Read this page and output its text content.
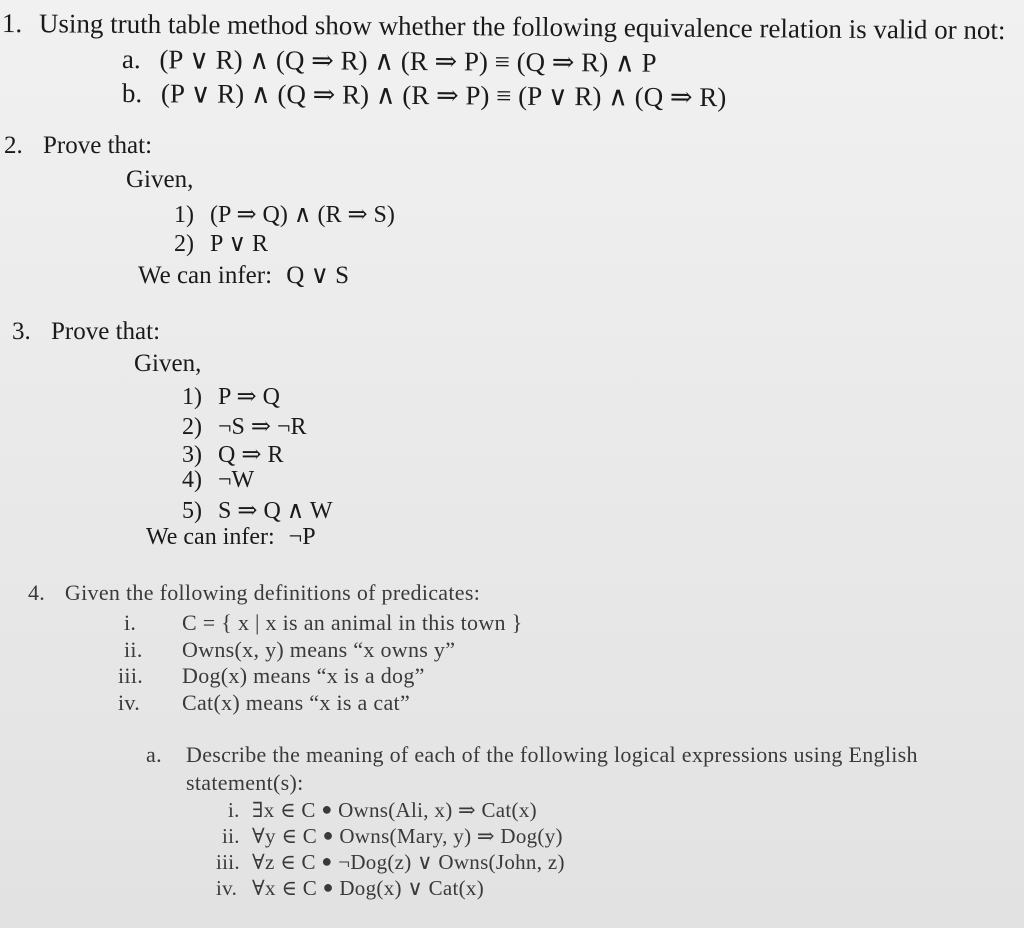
1. Using truth table method show whether the following equivalence relation is valid or not:
a. (P ∨ R) ∧ (Q ⇒ R) ∧ (R ⇒ P) ≡ (Q ⇒ R) ∧ P
b. (P ∨ R) ∧ (Q ⇒ R) ∧ (R ⇒ P) ≡ (P ∨ R) ∧ (Q ⇒ R)
2. Prove that:
Given,
1) (P ⇒ Q) ∧ (R ⇒ S)
2) P ∨ R
We can infer: Q ∨ S
3. Prove that:
Given,
1) P ⇒ Q
2) ¬S ⇒ ¬R
3) Q ⇒ R
4) ¬W
5) S ⇒ Q ∧ W
We can infer: ¬P
4. Given the following definitions of predicates:
i. C = { x | x is an animal in this town }
ii. Owns(x, y) means “x owns y”
iii. Dog(x) means “x is a dog”
iv. Cat(x) means “x is a cat”
a. Describe the meaning of each of the following logical expressions using English
statement(s):
i. ∃x ∈ C ● Owns(Ali, x) ⇒ Cat(x)
ii. ∀y ∈ C ● Owns(Mary, y) ⇒ Dog(y)
iii. ∀z ∈ C ● ¬Dog(z) ∨ Owns(John, z)
iv. ∀x ∈ C ● Dog(x) ∨ Cat(x)
